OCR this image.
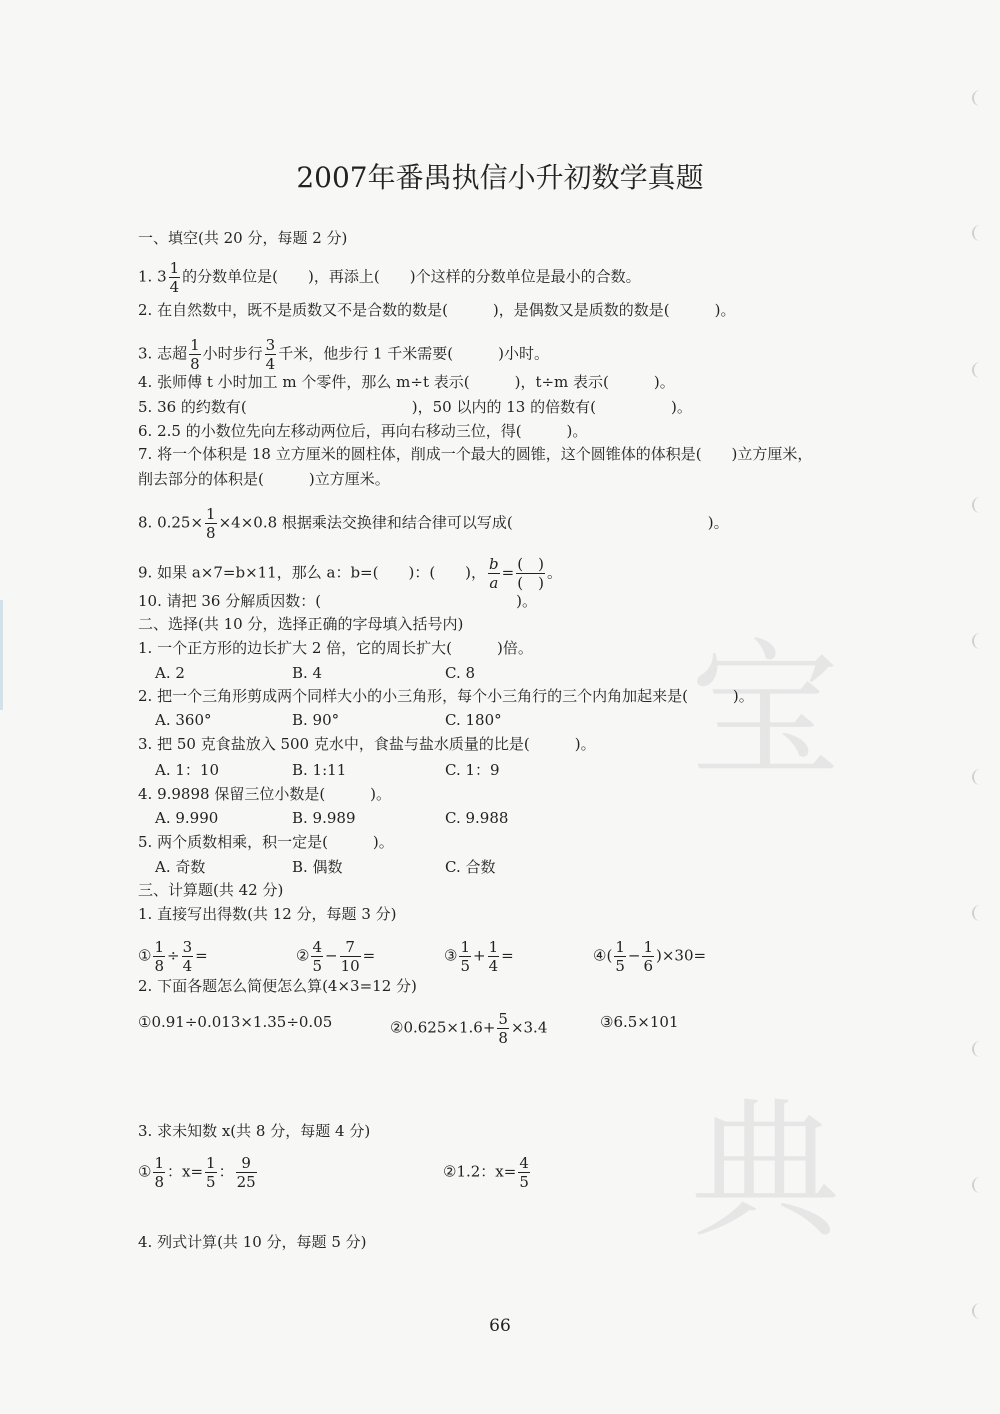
宝
典
2007年番禺执信小升初数学真题
一、填空(共 20 分，每题 2 分)
1. $3 \frac{1}{4}$ 的分数单位是(　　)，再添上(　　)个这样的分数单位是最小的合数。
2. 在自然数中，既不是质数又不是合数的数是(　　　)，是偶数又是质数的数是(　　　)。
3. 志超 $\frac{1}{8}$ 小时步行 $\frac{3}{4}$ 千米，他步行 1 千米需要(　　　)小时。
4. 张师傅 t 小时加工 m 个零件，那么 m÷t 表示(　　　)，t÷m 表示(　　　)。
5. 36 的约数有(　　　　　　　　　　　)，50 以内的 13 的倍数有(　　　　　)。
6. 2.5 的小数位先向左移动两位后，再向右移动三位，得(　　　)。
7. 将一个体积是 18 立方厘米的圆柱体，削成一个最大的圆锥，这个圆锥体的体积是(　　)立方厘米，
削去部分的体积是(　　　)立方厘米。
8. $0.25\times \frac{1}{8} \times 4\times 0.8$ 根据乘法交换律和结合律可以写成(　　　　　　　　　　　　　)。
9. 如果 a×7=b×11，那么 a：b=(　　)：(　　)， $\frac{b}{a}$ = (　)
(　)
。
10. 请把 36 分解质因数：(　　　　　　　　　　　　　)。
二、选择(共 10 分，选择正确的字母填入括号内)
1. 一个正方形的边长扩大 2 倍，它的周长扩大(　　　)倍。
A. 2	B. 4	C. 8
2. 把一个三角形剪成两个同样大小的小三角形，每个小三角行的三个内角加起来是(　　　)。
A. 360°	B. 90°	C. 180°
3. 把 50 克食盐放入 500 克水中，食盐与盐水质量的比是(　　　)。
A. 1：10	B. 1:11	C. 1：9
4. 9.9898 保留三位小数是(　　　)。
A. 9.990	B. 9.989	C. 9.988
5. 两个质数相乘，积一定是(　　　)。
A. 奇数	B. 偶数	C. 合数
三、计算题(共 42 分)
1. 直接写出得数(共 12 分，每题 3 分)
① $\frac{1}{8} \div \frac{3}{4}$ =	② $\frac{4}{5} - \frac{7}{10}$ =	③ $\frac{1}{5} + \frac{1}{4}$ =	④( $\frac{1}{5} - \frac{1}{6} )\times 30=$
2. 下面各题怎么简便怎么算(4×3=12 分)
①0.91÷0.013×1.35÷0.05	②0.625×1.6+ $\frac{5}{8} \times 3.4$	③6.5×101
3. 求未知数 x(共 8 分，每题 4 分)
① $\frac{1}{8}$ ：$x= \frac{1}{5}$ ： $\frac{9}{25}$	②1.2：$x= \frac{4}{5}$
4. 列式计算(共 10 分，每题 5 分)
66
